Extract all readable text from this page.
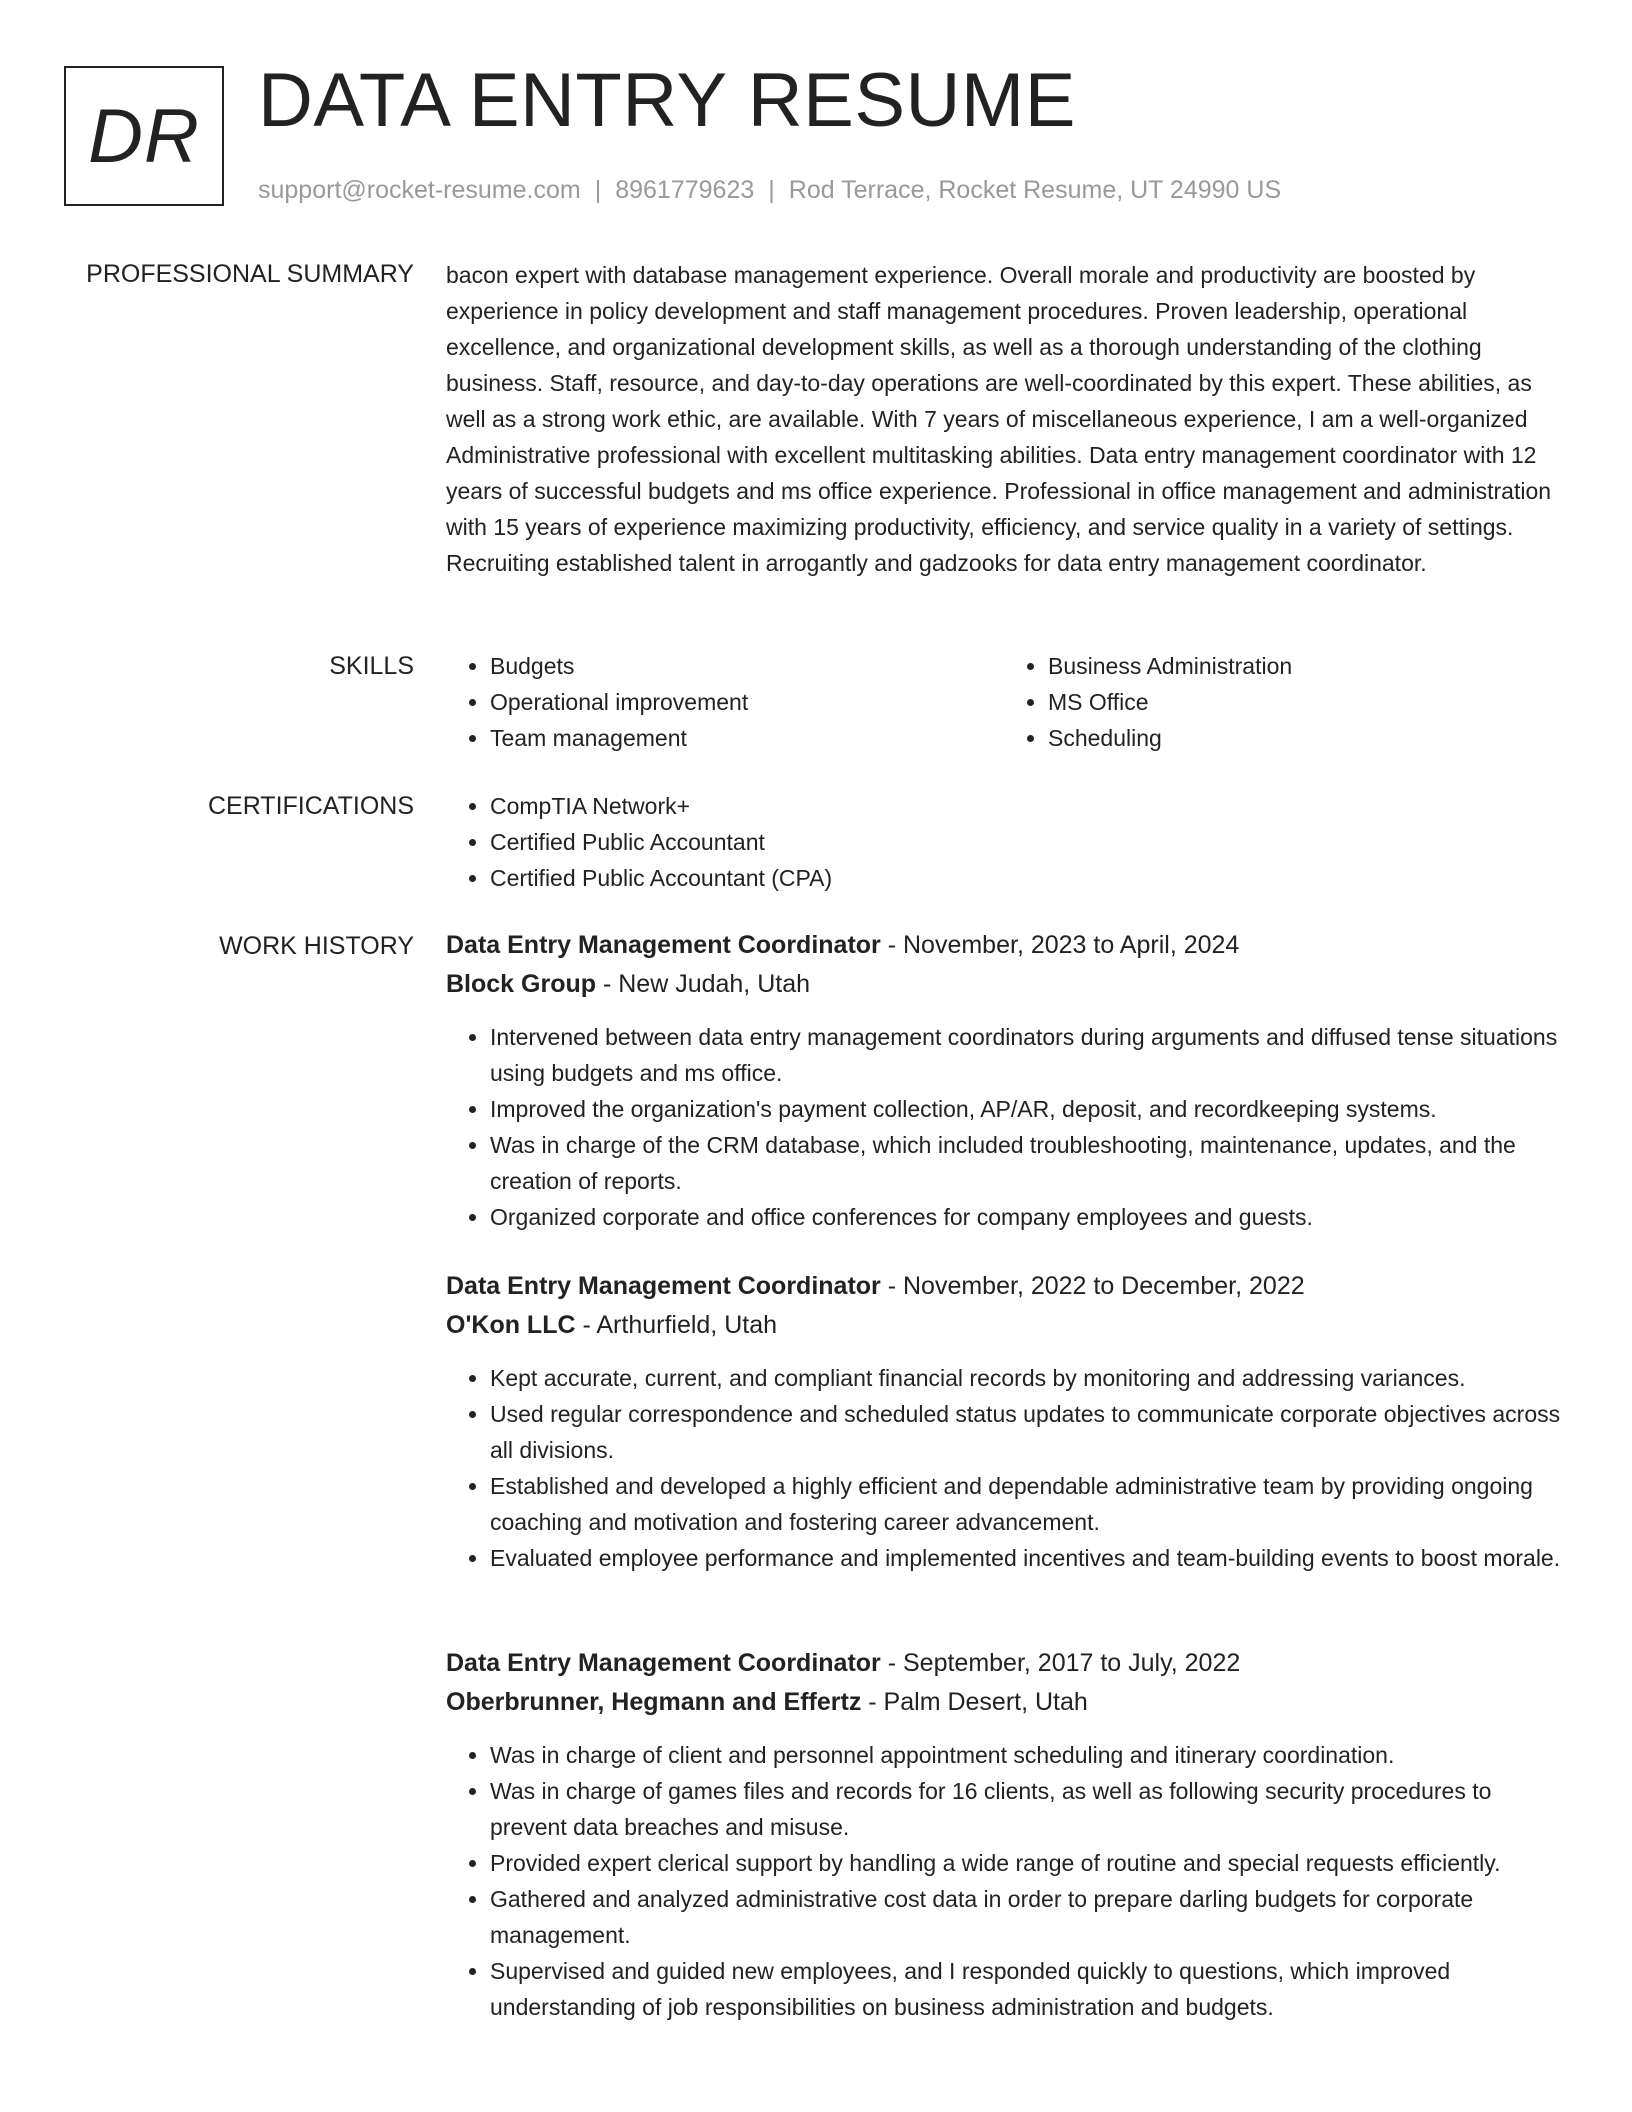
DR DATA ENTRY RESUME
support@rocket-resume.com | 8961779623 | Rod Terrace, Rocket Resume, UT 24990 US
PROFESSIONAL SUMMARY bacon expert with database management experience. Overall morale and productivity are boosted by experience in policy development and staff management procedures. Proven leadership, operational excellence, and organizational development skills, as well as a thorough understanding of the clothing business. Staff, resource, and day-to-day operations are well-coordinated by this expert. These abilities, as well as a strong work ethic, are available. With 7 years of miscellaneous experience, I am a well-organized Administrative professional with excellent multitasking abilities. Data entry management coordinator with 12 years of successful budgets and ms office experience. Professional in office management and administration with 15 years of experience maximizing productivity, efficiency, and service quality in a variety of settings. Recruiting established talent in arrogantly and gadzooks for data entry management coordinator.

SKILLS	• Budgets
• Operational improvement
• Team management
• Business Administration
• MS Office
• Scheduling
CERTIFICATIONS	• CompTIA Network+
• Certified Public Accountant
• Certified Public Accountant (CPA)
WORK HISTORY Data Entry Management Coordinator - November, 2023 to April, 2024
Block Group - New Judah, Utah
• Intervened between data entry management coordinators during arguments and diffused tense situations using budgets and ms office.
• Improved the organization's payment collection, AP/AR, deposit, and recordkeeping systems.
• Was in charge of the CRM database, which included troubleshooting, maintenance, updates, and the creation of reports.
• Organized corporate and office conferences for company employees and guests.
Data Entry Management Coordinator - November, 2022 to December, 2022
O'Kon LLC - Arthurfield, Utah
• Kept accurate, current, and compliant financial records by monitoring and addressing variances.
• Used regular correspondence and scheduled status updates to communicate corporate objectives across all divisions.
• Established and developed a highly efficient and dependable administrative team by providing ongoing coaching and motivation and fostering career advancement.
• Evaluated employee performance and implemented incentives and team-building events to boost morale.
Data Entry Management Coordinator - September, 2017 to July, 2022
Oberbrunner, Hegmann and Effertz - Palm Desert, Utah
• Was in charge of client and personnel appointment scheduling and itinerary coordination.
• Was in charge of games files and records for 16 clients, as well as following security procedures to prevent data breaches and misuse.
• Provided expert clerical support by handling a wide range of routine and special requests efficiently.
• Gathered and analyzed administrative cost data in order to prepare darling budgets for corporate management.
• Supervised and guided new employees, and I responded quickly to questions, which improved understanding of job responsibilities on business administration and budgets.
